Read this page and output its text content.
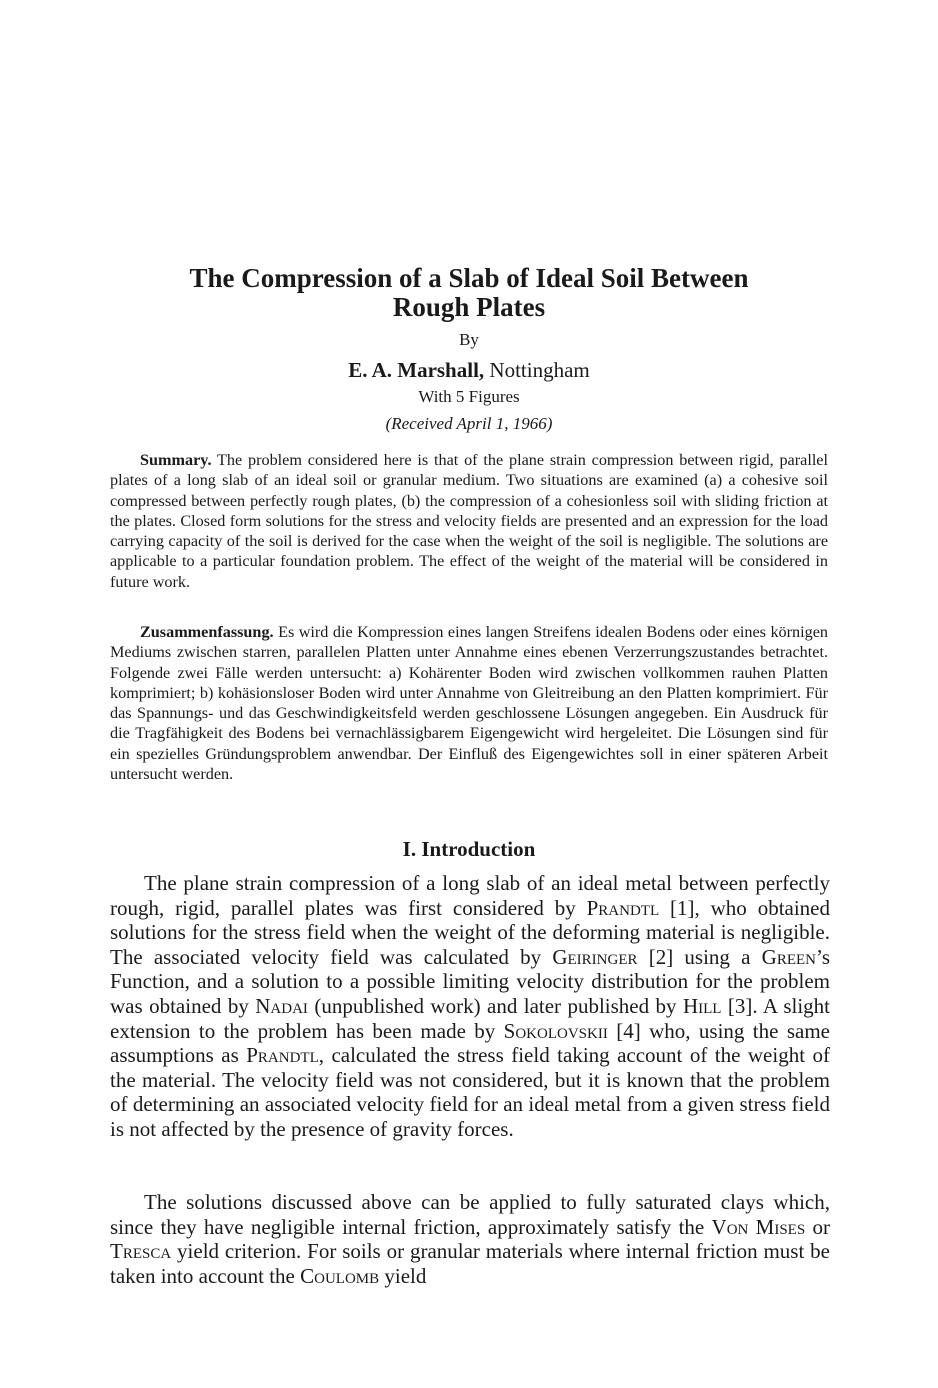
The Compression of a Slab of Ideal Soil Between
Rough Plates
By
E. A. Marshall, Nottingham
With 5 Figures
(Received April 1, 1966)

Summary. The problem considered here is that of the plane strain compression between rigid, parallel plates of a long slab of an ideal soil or granular medium. Two situations are examined (a) a cohesive soil compressed between perfectly rough plates, (b) the compression of a cohesionless soil with sliding friction at the plates. Closed form solutions for the stress and velocity fields are presented and an expression for the load carrying capacity of the soil is derived for the case when the weight of the soil is negligible. The solutions are applicable to a particular foundation problem. The effect of the weight of the material will be considered in future work.

Zusammenfassung. Es wird die Kompression eines langen Streifens idealen Bodens oder eines körnigen Mediums zwischen starren, parallelen Platten unter Annahme eines ebenen Verzerrungszustandes betrachtet. Folgende zwei Fälle werden untersucht: a) Kohärenter Boden wird zwischen vollkommen rauhen Platten komprimiert; b) kohäsionsloser Boden wird unter Annahme von Gleitreibung an den Platten komprimiert. Für das Spannungs- und das Geschwindigkeitsfeld werden geschlossene Lösungen angegeben. Ein Ausdruck für die Tragfähigkeit des Bodens bei vernachlässigbarem Eigengewicht wird hergeleitet. Die Lösungen sind für ein spezielles Gründungsproblem anwendbar. Der Einfluß des Eigengewichtes soll in einer späteren Arbeit untersucht werden.

I. Introduction

The plane strain compression of a long slab of an ideal metal between perfectly rough, rigid, parallel plates was first considered by Prandtl [1], who obtained solutions for the stress field when the weight of the deforming material is negligible. The associated velocity field was calculated by Geiringer [2] using a Green’s Function, and a solution to a possible limiting velocity distribution for the problem was obtained by Nadai (unpublished work) and later published by Hill [3]. A slight extension to the problem has been made by Sokolovskii [4] who, using the same assumptions as Prandtl, calculated the stress field taking account of the weight of the material. The velocity field was not considered, but it is known that the problem of determining an associated velocity field for an ideal metal from a given stress field is not affected by the presence of gravity forces.

The solutions discussed above can be applied to fully saturated clays which, since they have negligible internal friction, approximately satisfy the Von Mises or Tresca yield criterion. For soils or granular materials where internal friction must be taken into account the Coulomb yield
